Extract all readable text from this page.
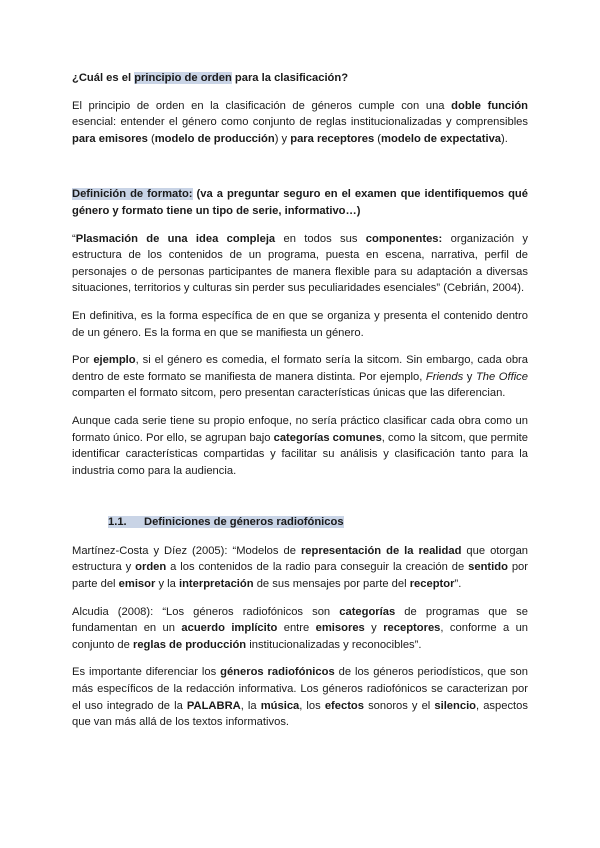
¿Cuál es el principio de orden para la clasificación?

El principio de orden en la clasificación de géneros cumple con una doble función esencial: entender el género como conjunto de reglas institucionalizadas y comprensibles para emisores (modelo de producción) y para receptores (modelo de expectativa).

Definición de formato: (va a preguntar seguro en el examen que identifiquemos qué género y formato tiene un tipo de serie, informativo…)

“Plasmación de una idea compleja en todos sus componentes: organización y estructura de los contenidos de un programa, puesta en escena, narrativa, perfil de personajes o de personas participantes de manera flexible para su adaptación a diversas situaciones, territorios y culturas sin perder sus peculiaridades esenciales” (Cebrián, 2004).

En definitiva, es la forma específica de en que se organiza y presenta el contenido dentro de un género. Es la forma en que se manifiesta un género.

Por ejemplo, si el género es comedia, el formato sería la sitcom. Sin embargo, cada obra dentro de este formato se manifiesta de manera distinta. Por ejemplo, Friends y The Office comparten el formato sitcom, pero presentan características únicas que las diferencian.

Aunque cada serie tiene su propio enfoque, no sería práctico clasificar cada obra como un formato único. Por ello, se agrupan bajo categorías comunes, como la sitcom, que permite identificar características compartidas y facilitar su análisis y clasificación tanto para la industria como para la audiencia.

1.1. Definiciones de géneros radiofónicos

Martínez-Costa y Díez (2005): “Modelos de representación de la realidad que otorgan estructura y orden a los contenidos de la radio para conseguir la creación de sentido por parte del emisor y la interpretación de sus mensajes por parte del receptor”.

Alcudia (2008): “Los géneros radiofónicos son categorías de programas que se fundamentan en un acuerdo implícito entre emisores y receptores, conforme a un conjunto de reglas de producción institucionalizadas y reconocibles”.

Es importante diferenciar los géneros radiofónicos de los géneros periodísticos, que son más específicos de la redacción informativa. Los géneros radiofónicos se caracterizan por el uso integrado de la PALABRA, la música, los efectos sonoros y el silencio, aspectos que van más allá de los textos informativos.
